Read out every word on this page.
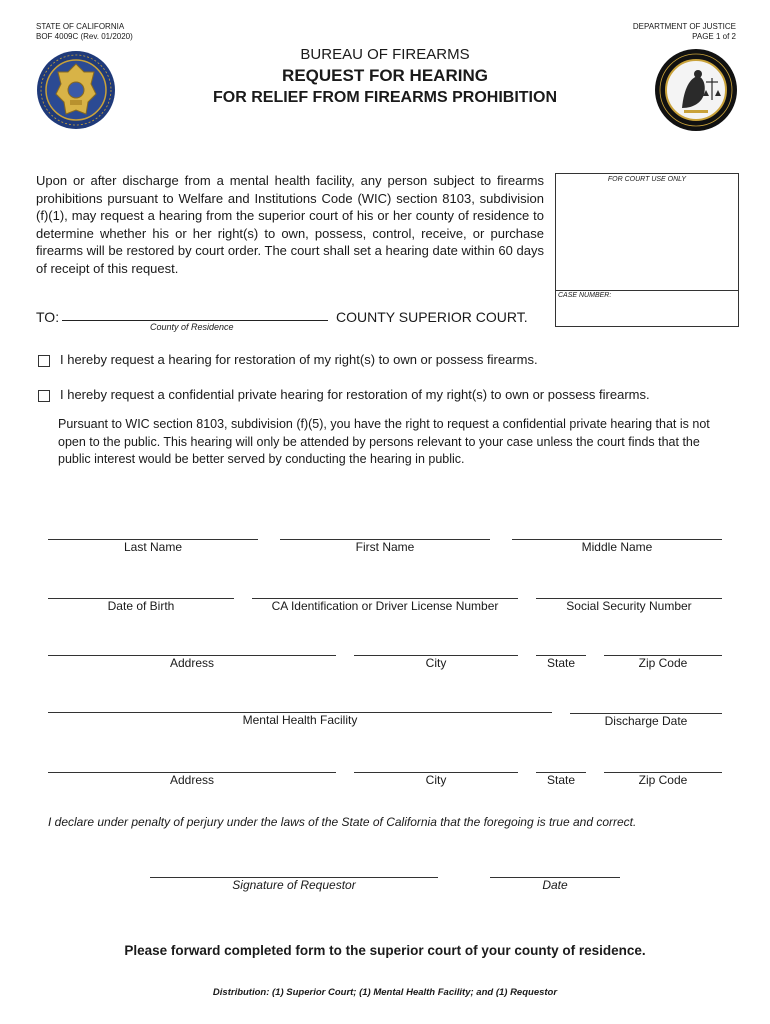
STATE OF CALIFORNIA
BOF 4009C (Rev. 01/2020)
DEPARTMENT OF JUSTICE
PAGE 1 of 2
BUREAU OF FIREARMS
REQUEST FOR HEARING
FOR RELIEF FROM FIREARMS PROHIBITION
Upon or after discharge from a mental health facility, any person subject to firearms prohibitions pursuant to Welfare and Institutions Code (WIC) section 8103, subdivision (f)(1), may request a hearing from the superior court of his or her county of residence to determine whether his or her right(s) to own, possess, control, receive, or purchase firearms will be restored by court order. The court shall set a hearing date within 60 days of receipt of this request.
FOR COURT USE ONLY
CASE NUMBER:
TO:
County of Residence
COUNTY SUPERIOR COURT.
I hereby request a hearing for restoration of my right(s) to own or possess firearms.
I hereby request a confidential private hearing for restoration of my right(s) to own or possess firearms.
Pursuant to WIC section 8103, subdivision (f)(5), you have the right to request a confidential private hearing that is not open to the public. This hearing will only be attended by persons relevant to your case unless the court finds that the public interest would be better served by conducting the hearing in public.
Last Name	First Name	Middle Name
Date of Birth	CA Identification or Driver License Number	Social Security Number
Address	City	State	Zip Code
Mental Health Facility	Discharge Date
Address	City	State	Zip Code
I declare under penalty of perjury under the laws of the State of California that the foregoing is true and correct.
Signature of Requestor	Date
Please forward completed form to the superior court of your county of residence.
Distribution: (1) Superior Court; (1) Mental Health Facility; and (1) Requestor
